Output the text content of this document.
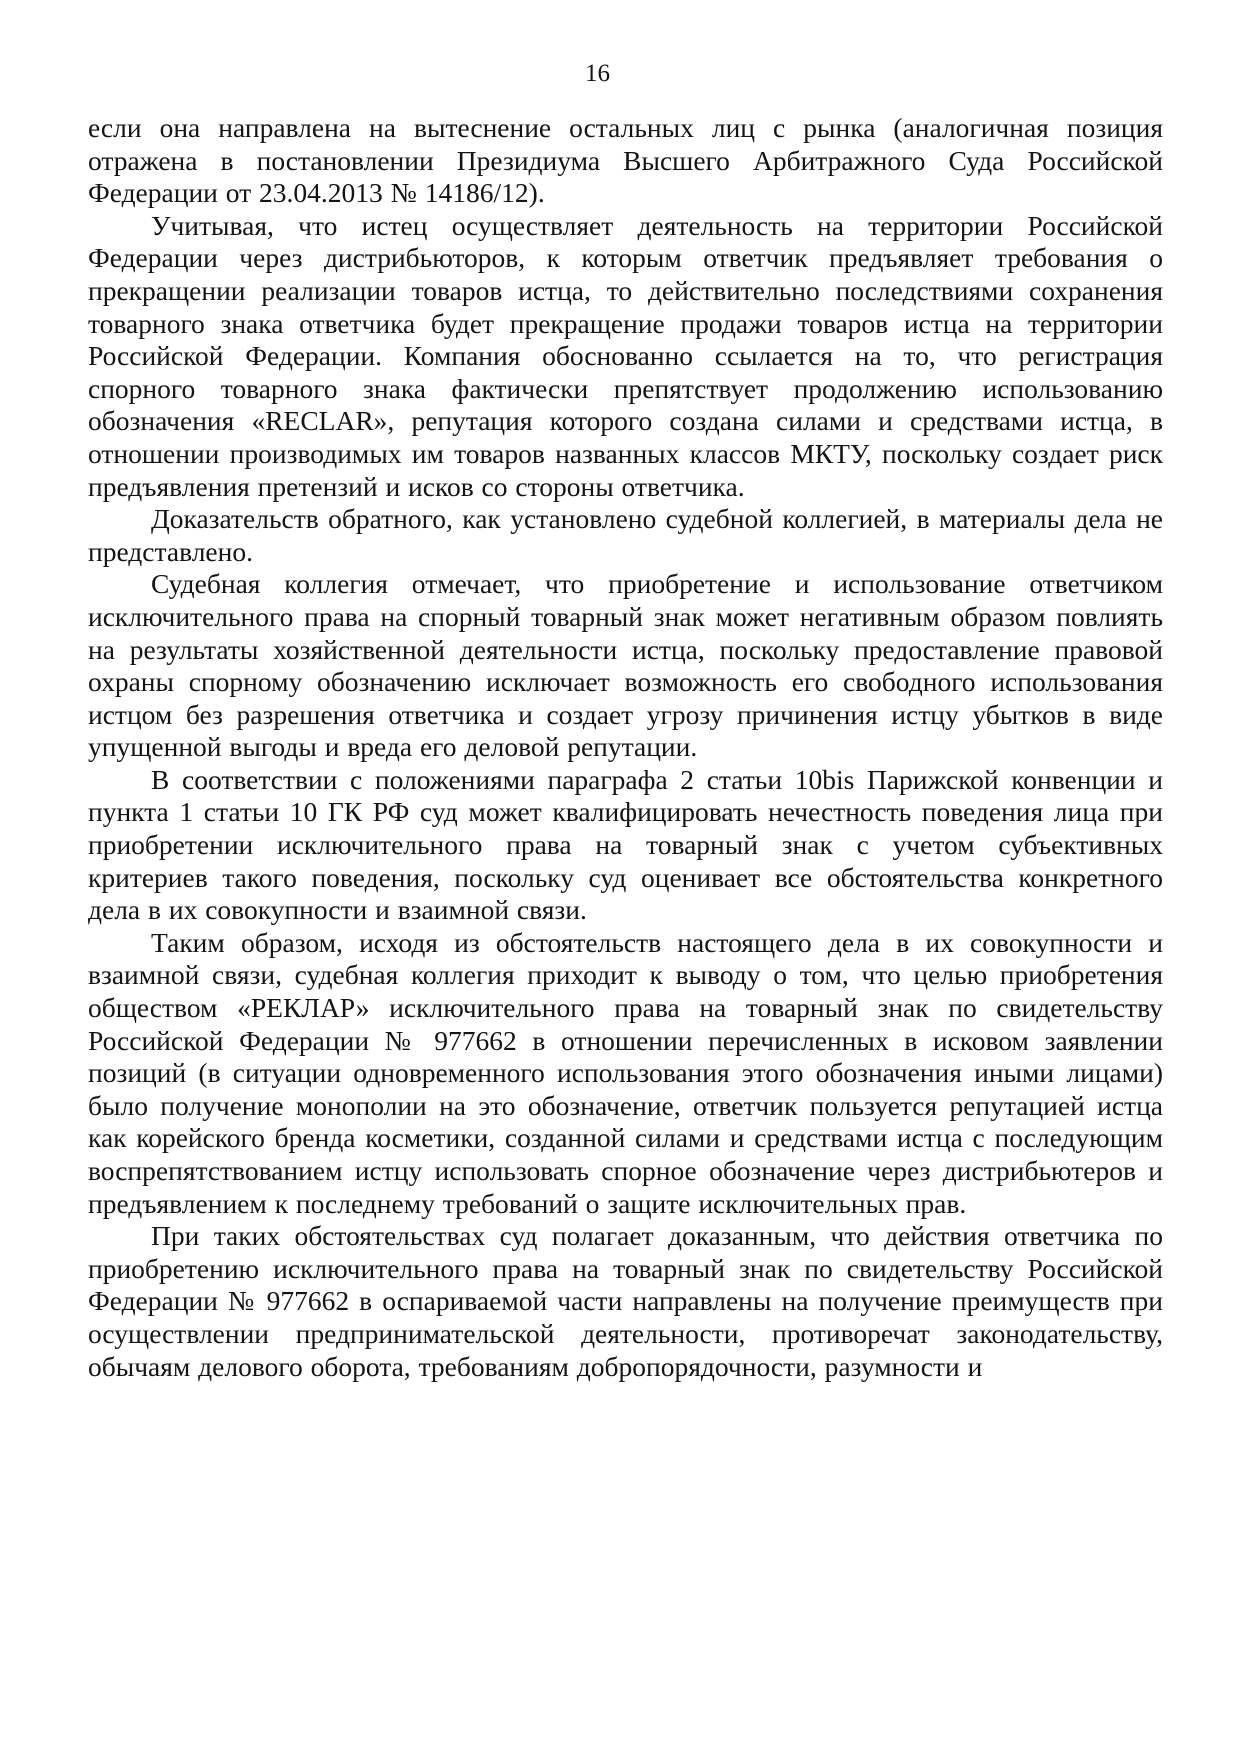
16

если она направлена на вытеснение остальных лиц с рынка (аналогичная позиция отражена в постановлении Президиума Высшего Арбитражного Суда Российской Федерации от 23.04.2013 № 14186/12).

Учитывая, что истец осуществляет деятельность на территории Российской Федерации через дистрибьюторов, к которым ответчик предъявляет требования о прекращении реализации товаров истца, то действительно последствиями сохранения товарного знака ответчика будет прекращение продажи товаров истца на территории Российской Федерации. Компания обоснованно ссылается на то, что регистрация спорного товарного знака фактически препятствует продолжению использованию обозначения «RECLAR», репутация которого создана силами и средствами истца, в отношении производимых им товаров названных классов МКТУ, поскольку создает риск предъявления претензий и исков со стороны ответчика.

Доказательств обратного, как установлено судебной коллегией, в материалы дела не представлено.

Судебная коллегия отмечает, что приобретение и использование ответчиком исключительного права на спорный товарный знак может негативным образом повлиять на результаты хозяйственной деятельности истца, поскольку предоставление правовой охраны спорному обозначению исключает возможность его свободного использования истцом без разрешения ответчика и создает угрозу причинения истцу убытков в виде упущенной выгоды и вреда его деловой репутации.

В соответствии с положениями параграфа 2 статьи 10bis Парижской конвенции и пункта 1 статьи 10 ГК РФ суд может квалифицировать нечестность поведения лица при приобретении исключительного права на товарный знак с учетом субъективных критериев такого поведения, поскольку суд оценивает все обстоятельства конкретного дела в их совокупности и взаимной связи.

Таким образом, исходя из обстоятельств настоящего дела в их совокупности и взаимной связи, судебная коллегия приходит к выводу о том, что целью приобретения обществом «РЕКЛАР» исключительного права на товарный знак по свидетельству Российской Федерации № 977662 в отношении перечисленных в исковом заявлении позиций (в ситуации одновременного использования этого обозначения иными лицами) было получение монополии на это обозначение, ответчик пользуется репутацией истца как корейского бренда косметики, созданной силами и средствами истца с последующим воспрепятствованием истцу использовать спорное обозначение через дистрибьютеров и предъявлением к последнему требований о защите исключительных прав.

При таких обстоятельствах суд полагает доказанным, что действия ответчика по приобретению исключительного права на товарный знак по свидетельству Российской Федерации № 977662 в оспариваемой части направлены на получение преимуществ при осуществлении предпринимательской деятельности, противоречат законодательству, обычаям делового оборота, требованиям добропорядочности, разумности и
